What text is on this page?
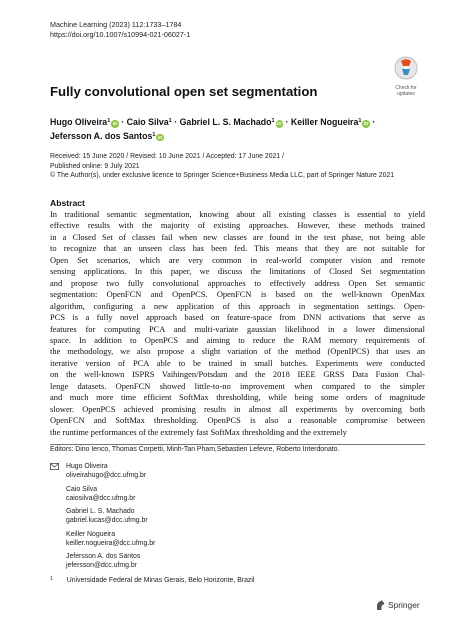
Machine Learning (2023) 112:1733–1784
https://doi.org/10.1007/s10994-021-06027-1
Check for
updates
Fully convolutional open set segmentation
Hugo Oliveira$^1$ iD · Caio Silva$^1$ · Gabriel L. S. Machado$^1$ iD · Keiller Nogueira$^1$ iD ·
Jefersson A. dos Santos$^1$ iD
Received: 15 June 2020 / Revised: 10 June 2021 / Accepted: 17 June 2021 /
Published online: 9 July 2021
© The Author(s), under exclusive licence to Springer Science+Business Media LLC, part of Springer Nature 2021
Abstract
In traditional semantic segmentation, knowing about all existing classes is essential to yield
effective results with the majority of existing approaches. However, these methods trained
in a Closed Set of classes fail when new classes are found in the test phase, not being able
to recognize that an unseen class has been fed. This means that they are not suitable for
Open Set scenarios, which are very common in real-world computer vision and remote
sensing applications. In this paper, we discuss the limitations of Closed Set segmentation
and propose two fully convolutional approaches to effectively address Open Set semantic
segmentation: OpenFCN and OpenPCS. OpenFCN is based on the well-known OpenMax
algorithm, configuring a new application of this approach in segmentation settings. Open-
PCS is a fully novel approach based on feature-space from DNN activations that serve as
features for computing PCA and multi-variate gaussian likelihood in a lower dimensional
space. In addition to OpenPCS and aiming to reduce the RAM memory requirements of
the methodology, we also propose a slight variation of the method (OpenIPCS) that uses an
iterative version of PCA able to be trained in small batches. Experiments were conducted
on the well-known ISPRS Vaihingen/Potsdam and the 2018 IEEE GRSS Data Fusion Chal-
lenge datasets. OpenFCN showed little-to-no improvement when compared to the simpler
and much more time efficient SoftMax thresholding, while being some orders of magnitude
slower. OpenPCS achieved promising results in almost all experiments by overcoming both
OpenFCN and SoftMax thresholding. OpenPCS is also a reasonable compromise between
the runtime performances of the extremely fast SoftMax thresholding and the extremely
Editors: Dino Ienco, Thomas Corpetti, Minh-Tan Pham,Sebastien Lefevre, Roberto Interdonato.
Hugo Oliveira
oliveirahugo@dcc.ufmg.br
Caio Silva
caiosilva@dcc.ufmg.br
Gabriel L. S. Machado
gabriel.lucas@dcc.ufmg.br
Keiller Nogueira
keiller.nogueira@dcc.ufmg.br
Jefersson A. dos Santos
jefersson@dcc.ufmg.br
$^1$ Universidade Federal de Minas Gerais, Belo Horizonte, Brazil
Springer
